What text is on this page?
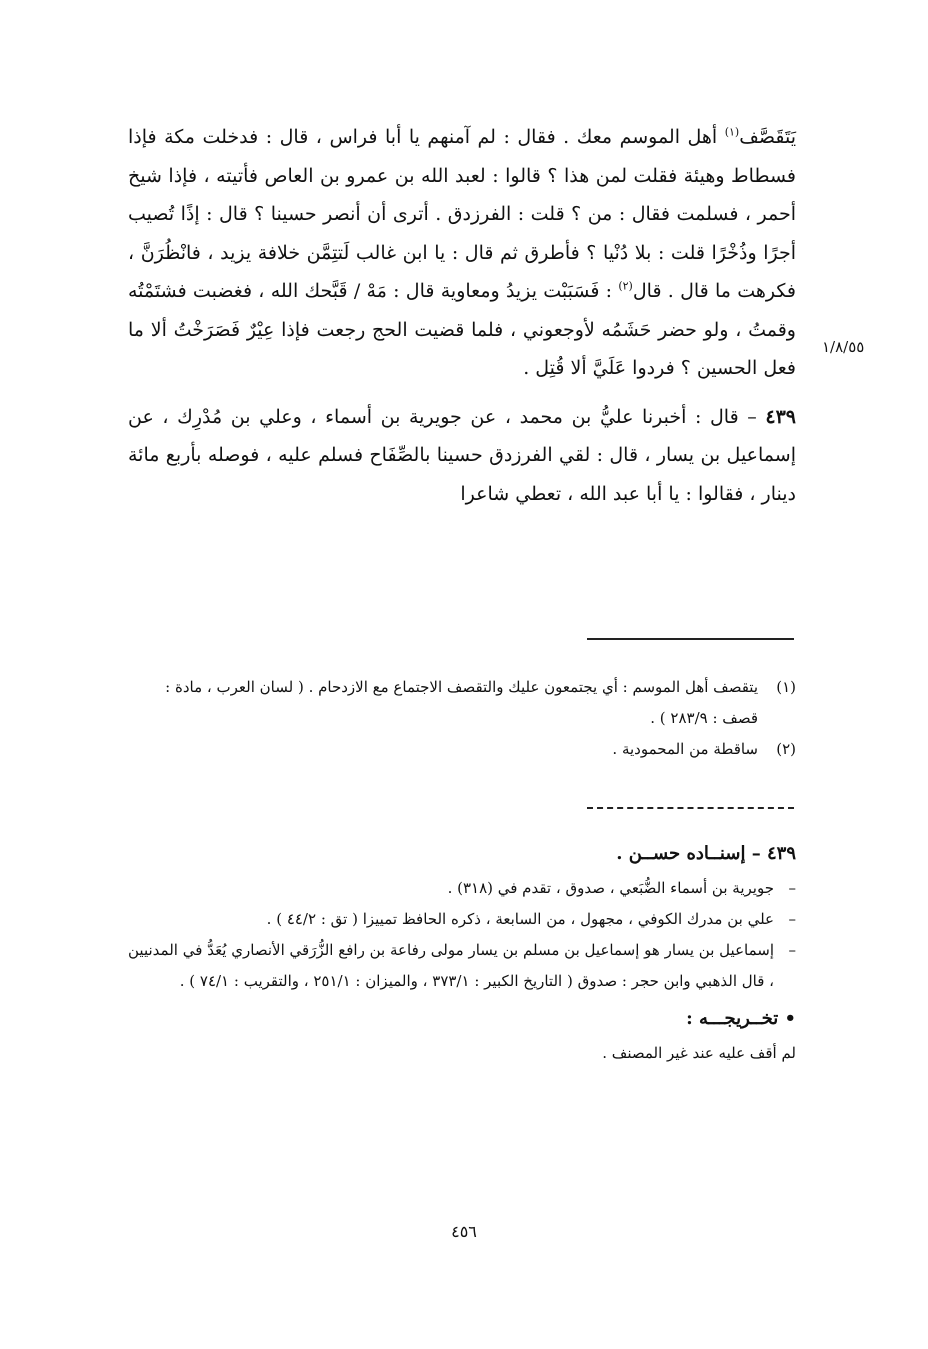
١/٨/٥٥

يَتَقَصَّف$^{(١)}$ أهل الموسم معك . فقال : لم آمنهم يا أبا فراس ، قال : فدخلت مكة فإذا فسطاط وهيئة فقلت لمن هذا ؟ قالوا : لعبد الله بن عمرو بن العاص فأتيته ، فإذا شيخ أحمر ، فسلمت فقال : من ؟ قلت : الفرزدق . أترى أن أنصر حسينا ؟ قال : إذًا تُصيب أجرًا وذُخْرًا قلت : بلا دُنْيا ؟ فأطرق ثم قال : يا ابن غالب لَتتِمَّن خلافة يزيد ، فانْظُرَنَّ ، فكرهت ما قال . قال$^{(٢)}$ : فَسَبَبْت يزيدُ ومعاوية قال : مَهْ / قَبَّحك الله ، فغضبت فشتَمْتُه وقمتُ ، ولو حضر حَشَمُه لأوجعوني ، فلما قضيت الحج رجعت فإذا عِيْرٌ فَصَرَخْتُ ألا ما فعل الحسين ؟ فردوا عَلَيَّ ألا قُتِل .

٤٣٩ – قال : أخبرنا عليُّ بن محمد ، عن جويرية بن أسماء ، وعلي بن مُدْرِك ، عن إسماعيل بن يسار ، قال : لقي الفرزدق حسينا بالصِّفَاح فسلم عليه ، فوصله بأربع مائة دينار ، فقالوا : يا أبا عبد الله ، تعطي شاعرا

(١)
يتقصف أهل الموسم : أي يجتمعون عليك والتقصف الاجتماع مع الازدحام . ( لسان العرب ، مادة : قصف : ٢٨٣/٩ ) .
(٢)
ساقطة من المحمودية .
٤٣٩ – إسنــاده حســن .
–
جويرية بن أسماء الضُّبَعي ، صدوق ، تقدم في (٣١٨) .
–
علي بن مدرك الكوفي ، مجهول ، من السابعة ، ذكره الحافظ تمييزا ( تق : ٤٤/٢ ) .
–
إسماعيل بن يسار هو إسماعيل بن مسلم بن يسار مولى رفاعة بن رافع الزُّرَقي الأنصاري يُعَدُّ في المدنيين ، قال الذهبي وابن حجر : صدوق ( التاريخ الكبير : ٣٧٣/١ ، والميزان : ٢٥١/١ ، والتقريب : ٧٤/١ ) .
• تخــريجـــه :
لم أقف عليه عند غير المصنف .
٤٥٦
